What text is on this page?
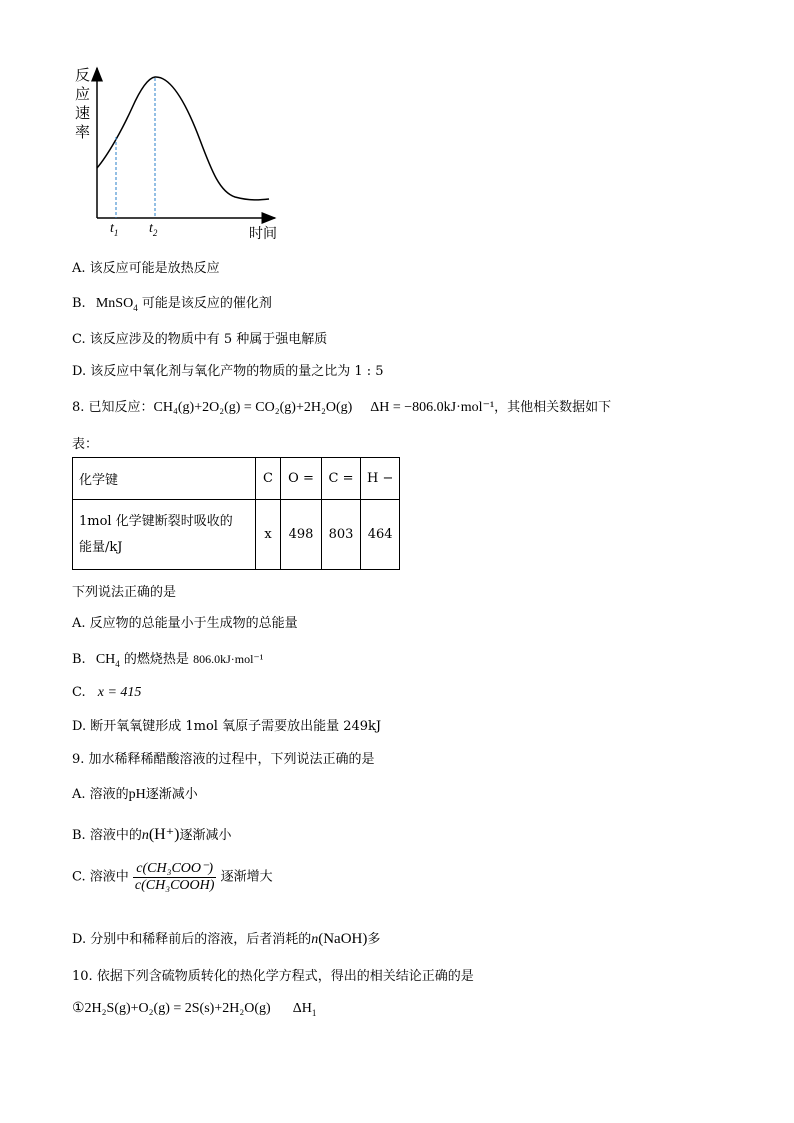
反
应
速
率
$t_1$ $t_2$	时间
A. 该反应可能是放热反应
B. MnSO$_4$ 可能是该反应的催化剂
C. 该反应涉及的物质中有 5 种属于强电解质
D. 该反应中氧化剂与氧化产物的物质的量之比为 1 : 5
8. 已知反应：CH₄(g)+2O₂(g) = CO₂(g)+2H₂O(g) ΔH = −806.0kJ·mol⁻¹，其他相关数据如下
表：
化学键	C	O =	C =	H −

1mol 化学键断裂时吸收的
能量/kJ	x	498	803	464
下列说法正确的是
A. 反应物的总能量小于生成物的总能量
B. $CH_4$ 的燃烧热是 806.0kJ·mol⁻¹
C. x = 415
D. 断开氧氧键形成 1mol 氧原子需要放出能量 249kJ
9. 加水稀释稀醋酸溶液的过程中，下列说法正确的是
A. 溶液的pH逐渐减小
B. 溶液中的n(H⁺)逐渐减小
C. 溶液中 $\frac{\text{c(CH₃COO⁻)}}{\text{c(CH₃COOH)}}$ 逐渐增大
D. 分别中和稀释前后的溶液，后者消耗的n(NaOH)多
10. 依据下列含硫物质转化的热化学方程式，得出的相关结论正确的是
①2H₂S(g)+O₂(g) = 2S(s)+2H₂O(g) $\Delta H_1$
